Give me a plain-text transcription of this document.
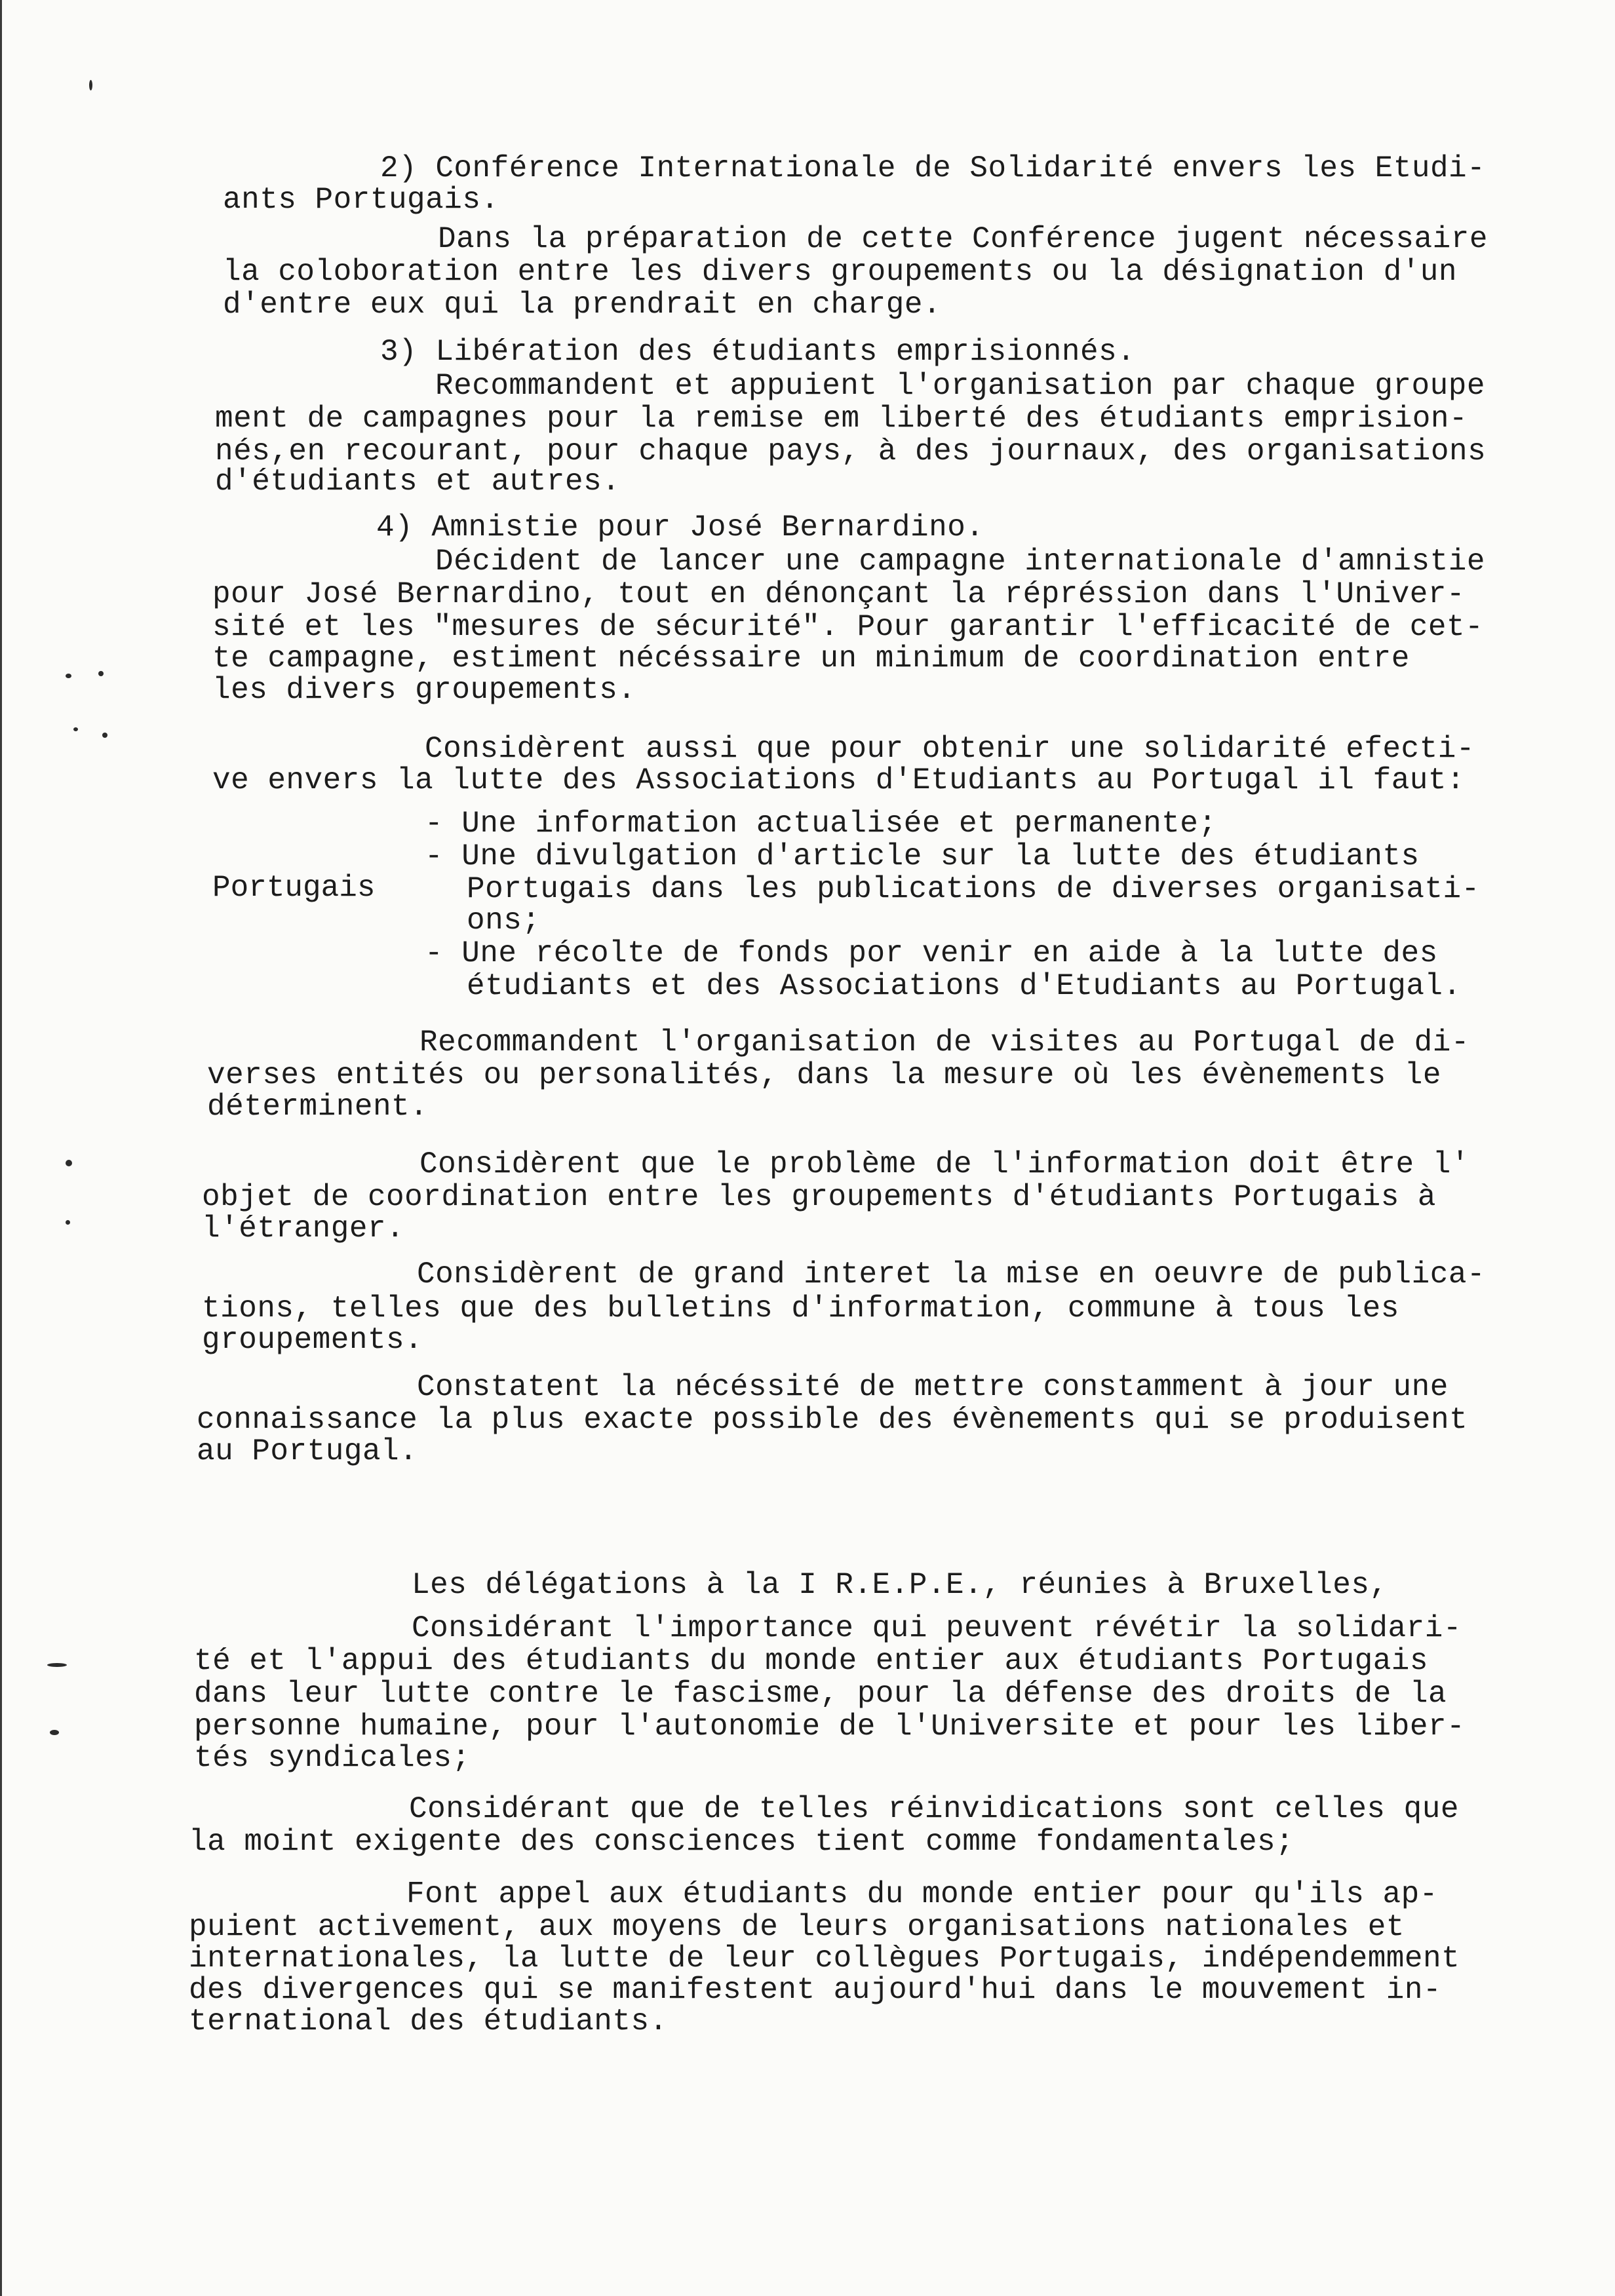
2) Conférence Internationale de Solidarité envers les Etudi-
ants Portugais.
Dans la préparation de cette Conférence jugent nécessaire
la coloboration entre les divers groupements ou la désignation d'un
d'entre eux qui la prendrait en charge.
3) Libération des étudiants emprisionnés.
Recommandent et appuient l'organisation par chaque groupe
ment de campagnes pour la remise em liberté des étudiants emprision-
nés,en recourant, pour chaque pays, à des journaux, des organisations
d'étudiants et autres.
4) Amnistie pour José Bernardino.
Décident de lancer une campagne internationale d'amnistie
pour José Bernardino, tout en dénonçant la répréssion dans l'Univer-
sité et les "mesures de sécurité". Pour garantir l'efficacité de cet-
te campagne, estiment nécéssaire un minimum de coordination entre
les divers groupements.
Considèrent aussi que pour obtenir une solidarité efecti-
ve envers la lutte des Associations d'Etudiants au Portugal il faut:
- Une information actualisée et permanente;
- Une divulgation d'article sur la lutte des étudiants
Portugais	Portugais dans les publications de diverses organisati-
ons;
- Une récolte de fonds por venir en aide à la lutte des
étudiants et des Associations d'Etudiants au Portugal.
Recommandent l'organisation de visites au Portugal de di-
verses entités ou personalités, dans la mesure où les évènements le
déterminent.
Considèrent que le problème de l'information doit être l'
objet de coordination entre les groupements d'étudiants Portugais à
l'étranger.
Considèrent de grand interet la mise en oeuvre de publica-
tions, telles que des bulletins d'information, commune à tous les
groupements.
Constatent la nécéssité de mettre constamment à jour une
connaissance la plus exacte possible des évènements qui se produisent
au Portugal.
Les délégations à la I R.E.P.E., réunies à Bruxelles,
Considérant l'importance qui peuvent révétir la solidari-
té et l'appui des étudiants du monde entier aux étudiants Portugais
dans leur lutte contre le fascisme, pour la défense des droits de la
personne humaine, pour l'autonomie de l'Universite et pour les liber-
tés syndicales;
Considérant que de telles réinvidications sont celles que
la moint exigente des consciences tient comme fondamentales;
Font appel aux étudiants du monde entier pour qu'ils ap-
puient activement, aux moyens de leurs organisations nationales et
internationales, la lutte de leur collègues Portugais, indépendemment
des divergences qui se manifestent aujourd'hui dans le mouvement in-
ternational des étudiants.
